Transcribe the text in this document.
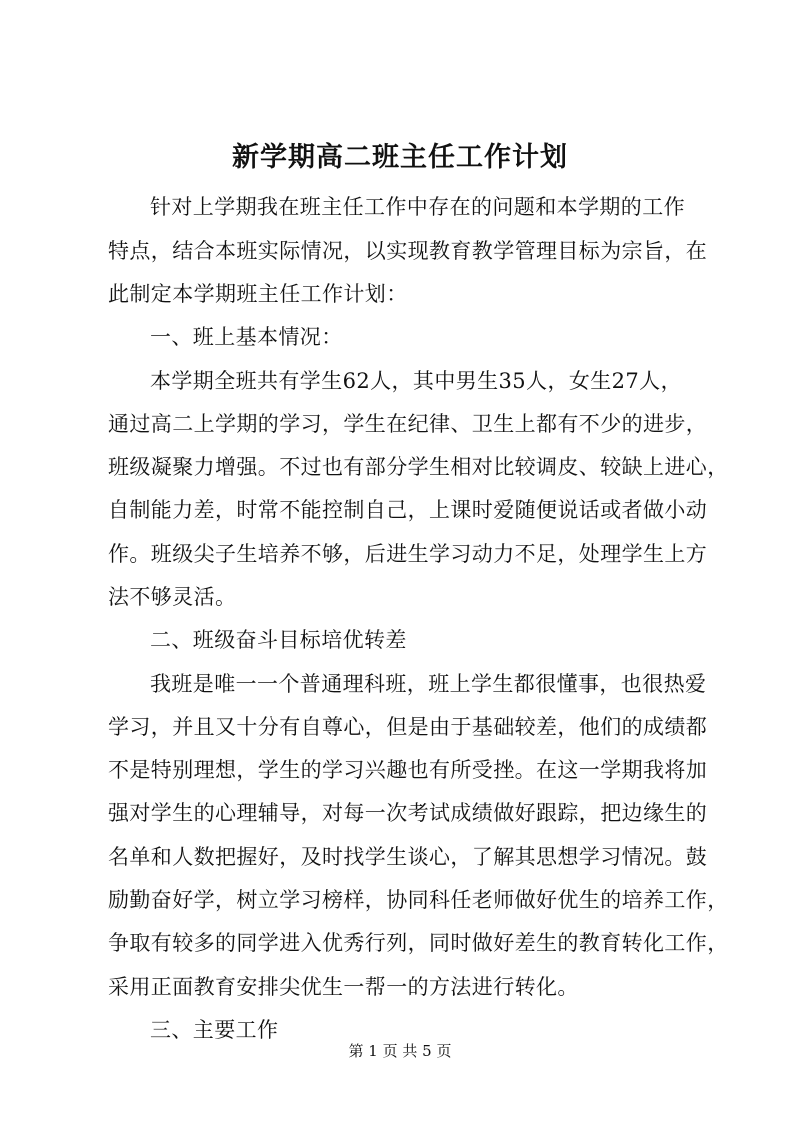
新学期高二班主任工作计划
针对上学期我在班主任工作中存在的问题和本学期的工作
特点，结合本班实际情况，以实现教育教学管理目标为宗旨，在
此制定本学期班主任工作计划：
一、班上基本情况：
本学期全班共有学生62人，其中男生35人，女生27人，
通过高二上学期的学习，学生在纪律、卫生上都有不少的进步，
班级凝聚力增强。不过也有部分学生相对比较调皮、较缺上进心，
自制能力差，时常不能控制自己，上课时爱随便说话或者做小动
作。班级尖子生培养不够，后进生学习动力不足，处理学生上方
法不够灵活。
二、班级奋斗目标培优转差
我班是唯一一个普通理科班，班上学生都很懂事，也很热爱
学习，并且又十分有自尊心，但是由于基础较差，他们的成绩都
不是特别理想，学生的学习兴趣也有所受挫。在这一学期我将加
强对学生的心理辅导，对每一次考试成绩做好跟踪，把边缘生的
名单和人数把握好，及时找学生谈心，了解其思想学习情况。鼓
励勤奋好学，树立学习榜样，协同科任老师做好优生的培养工作，
争取有较多的同学进入优秀行列，同时做好差生的教育转化工作，
采用正面教育安排尖优生一帮一的方法进行转化。
三、主要工作
第 1 页 共 5 页
